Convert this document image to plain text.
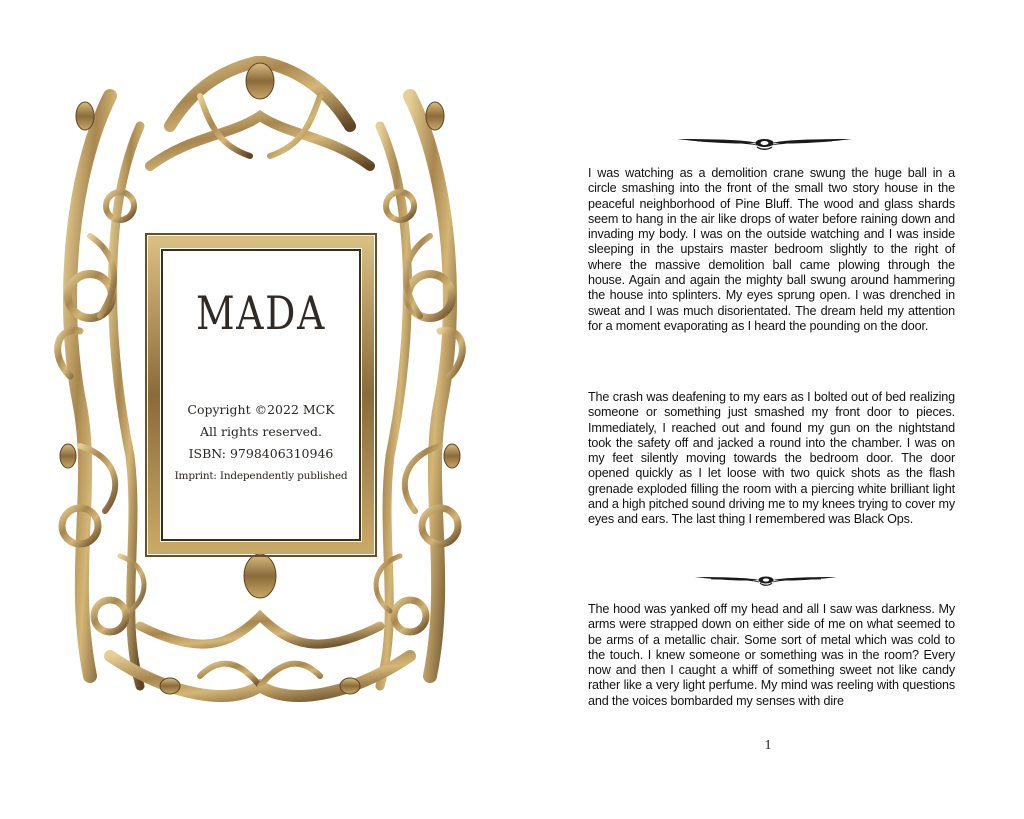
MADA
Copyright ©2022 MCK
All rights reserved.
ISBN: 9798406310946
Imprint: Independently published

I was watching as a demolition crane swung the huge ball in a circle smashing into the front of the small two story house in the peaceful neighborhood of Pine Bluff. The wood and glass shards seem to hang in the air like drops of water before raining down and invading my body. I was on the outside watching and I was inside sleeping in the upstairs master bedroom slightly to the right of where the massive demolition ball came plowing through the house. Again and again the mighty ball swung around hammering the house into splinters. My eyes sprung open. I was drenched in sweat and I was much disorientated. The dream held my attention for a moment evaporating as I heard the pounding on the door.

The crash was deafening to my ears as I bolted out of bed realizing someone or something just smashed my front door to pieces. Immediately, I reached out and found my gun on the nightstand took the safety off and jacked a round into the chamber. I was on my feet silently moving towards the bedroom door. The door opened quickly as I let loose with two quick shots as the flash grenade exploded filling the room with a piercing white brilliant light and a high pitched sound driving me to my knees trying to cover my eyes and ears. The last thing I remembered was Black Ops.

The hood was yanked off my head and all I saw was darkness. My arms were strapped down on either side of me on what seemed to be arms of a metallic chair. Some sort of metal which was cold to the touch. I knew someone or something was in the room? Every now and then I caught a whiff of something sweet not like candy rather like a very light perfume. My mind was reeling with questions and the voices bombarded my senses with dire

1
